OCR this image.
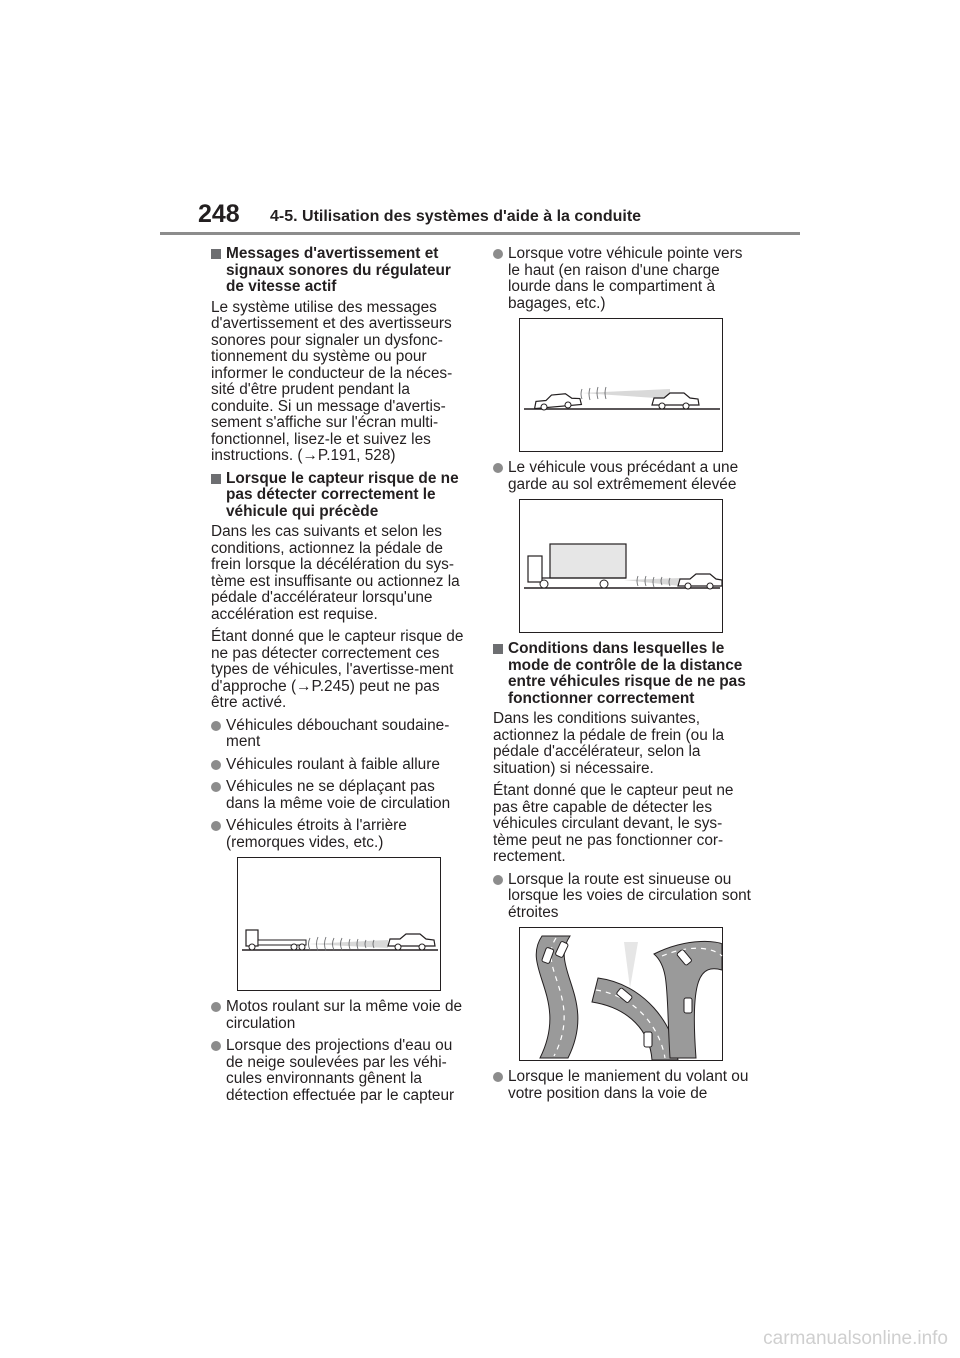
248 4-5. Utilisation des systèmes d'aide à la conduite
Messages d'avertissement et signaux sonores du régulateur de vitesse actif

Le système utilise des messages d'avertissement et des avertisseurs sonores pour signaler un dysfonc-tionnement du système ou pour informer le conducteur de la néces-sité d'être prudent pendant la conduite. Si un message d'avertis-sement s'affiche sur l'écran multi-fonctionnel, lisez-le et suivez les instructions. (→P.191, 528)

Lorsque le capteur risque de ne pas détecter correctement le véhicule qui précède

Dans les cas suivants et selon les conditions, actionnez la pédale de frein lorsque la décélération du sys-tème est insuffisante ou actionnez la pédale d'accélérateur lorsqu'une accélération est requise.

Étant donné que le capteur risque de ne pas détecter correctement ces types de véhicules, l'avertisse-ment d'approche (→P.245) peut ne pas être activé.

Véhicules débouchant soudaine-ment
Véhicules roulant à faible allure
Véhicules ne se déplaçant pas dans la même voie de circulation
Véhicules étroits à l'arrière (remorques vides, etc.)
Motos roulant sur la même voie de circulation
Lorsque des projections d'eau ou de neige soulevées par les véhi-cules environnants gênent la détection effectuée par le capteur
Lorsque votre véhicule pointe vers le haut (en raison d'une charge lourde dans le compartiment à bagages, etc.)
Le véhicule vous précédant a une garde au sol extrêmement élevée
Conditions dans lesquelles le mode de contrôle de la distance entre véhicules risque de ne pas fonctionner correctement

Dans les conditions suivantes, actionnez la pédale de frein (ou la pédale d'accélérateur, selon la situation) si nécessaire.

Étant donné que le capteur peut ne pas être capable de détecter les véhicules circulant devant, le sys-tème peut ne pas fonctionner cor-rectement.

Lorsque la route est sinueuse ou lorsque les voies de circulation sont étroites
Lorsque le maniement du volant ou votre position dans la voie de
carmanualsonline.info
